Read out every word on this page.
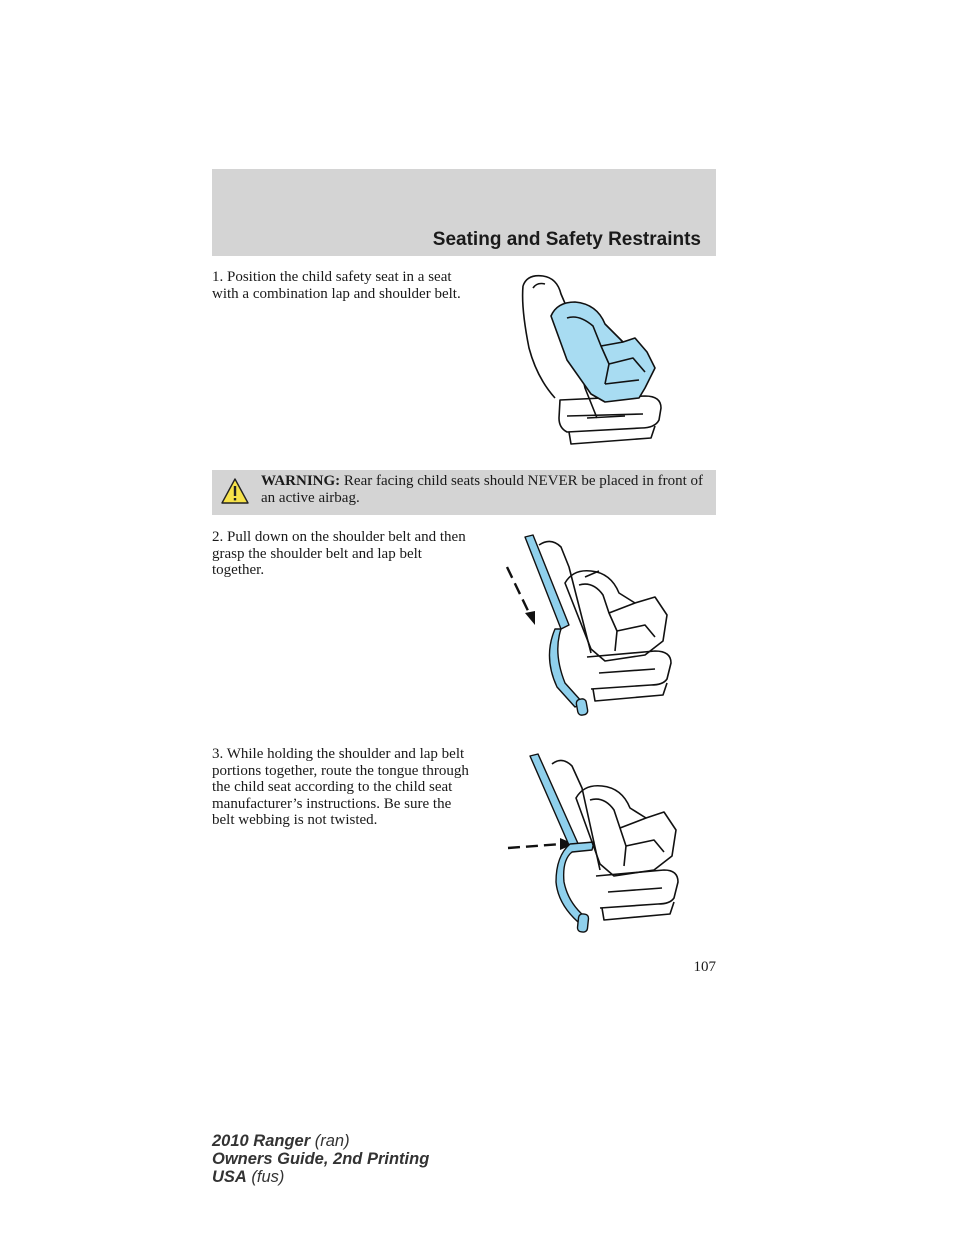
Seating and Safety Restraints
1. Position the child safety seat in a seat with a combination lap and shoulder belt.
WARNING: Rear facing child seats should NEVER be placed in front of an active airbag.
2. Pull down on the shoulder belt and then grasp the shoulder belt and lap belt together.
3. While holding the shoulder and lap belt portions together, route the tongue through the child seat according to the child seat manufacturer’s instructions. Be sure the belt webbing is not twisted.
107
2010 Ranger (ran)
Owners Guide, 2nd Printing
USA (fus)
